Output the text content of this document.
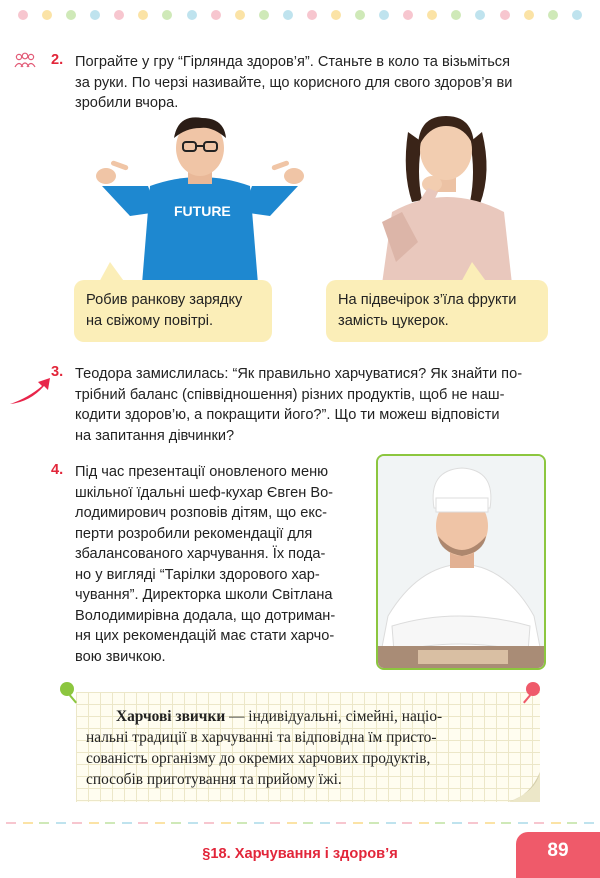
2. Пограйте у гру “Гірлянда здоров’я”. Станьте в коло та візьміться
за руки. По черзі називайте, що корисного для свого здоров’я ви
зробили вчора.
FUTURE
Робив ранкову зарядку
на свіжому повітрі.
На підвечірок з’їла фрукти
замість цукерок.
3. Теодора замислилась: “Як правильно харчуватися? Як знайти по-
трібний баланс (співвідношення) різних продуктів, щоб не наш-
кодити здоров’ю, а покращити його?”. Що ти можеш відповісти
на запитання дівчинки?
4. Під час презентації оновленого меню
шкільної їдальні шеф-кухар Євген Во-
лодимирович розповів дітям, що екс-
перти розробили рекомендації для
збалансованого харчування. Їх пода-
но у вигляді “Тарілки здорового хар-
чування”. Директорка школи Світлана
Володимирівна додала, що дотриман-
ня цих рекомендацій має стати харчо-
вою звичкою.
Харчові звички — індивідуальні, сімейні, націо-
нальні традиції в харчуванні та відповідна їм присто-
сованість організму до окремих харчових продуктів,
способів приготування та прийому їжі.
§18. Харчування і здоров’я	89
